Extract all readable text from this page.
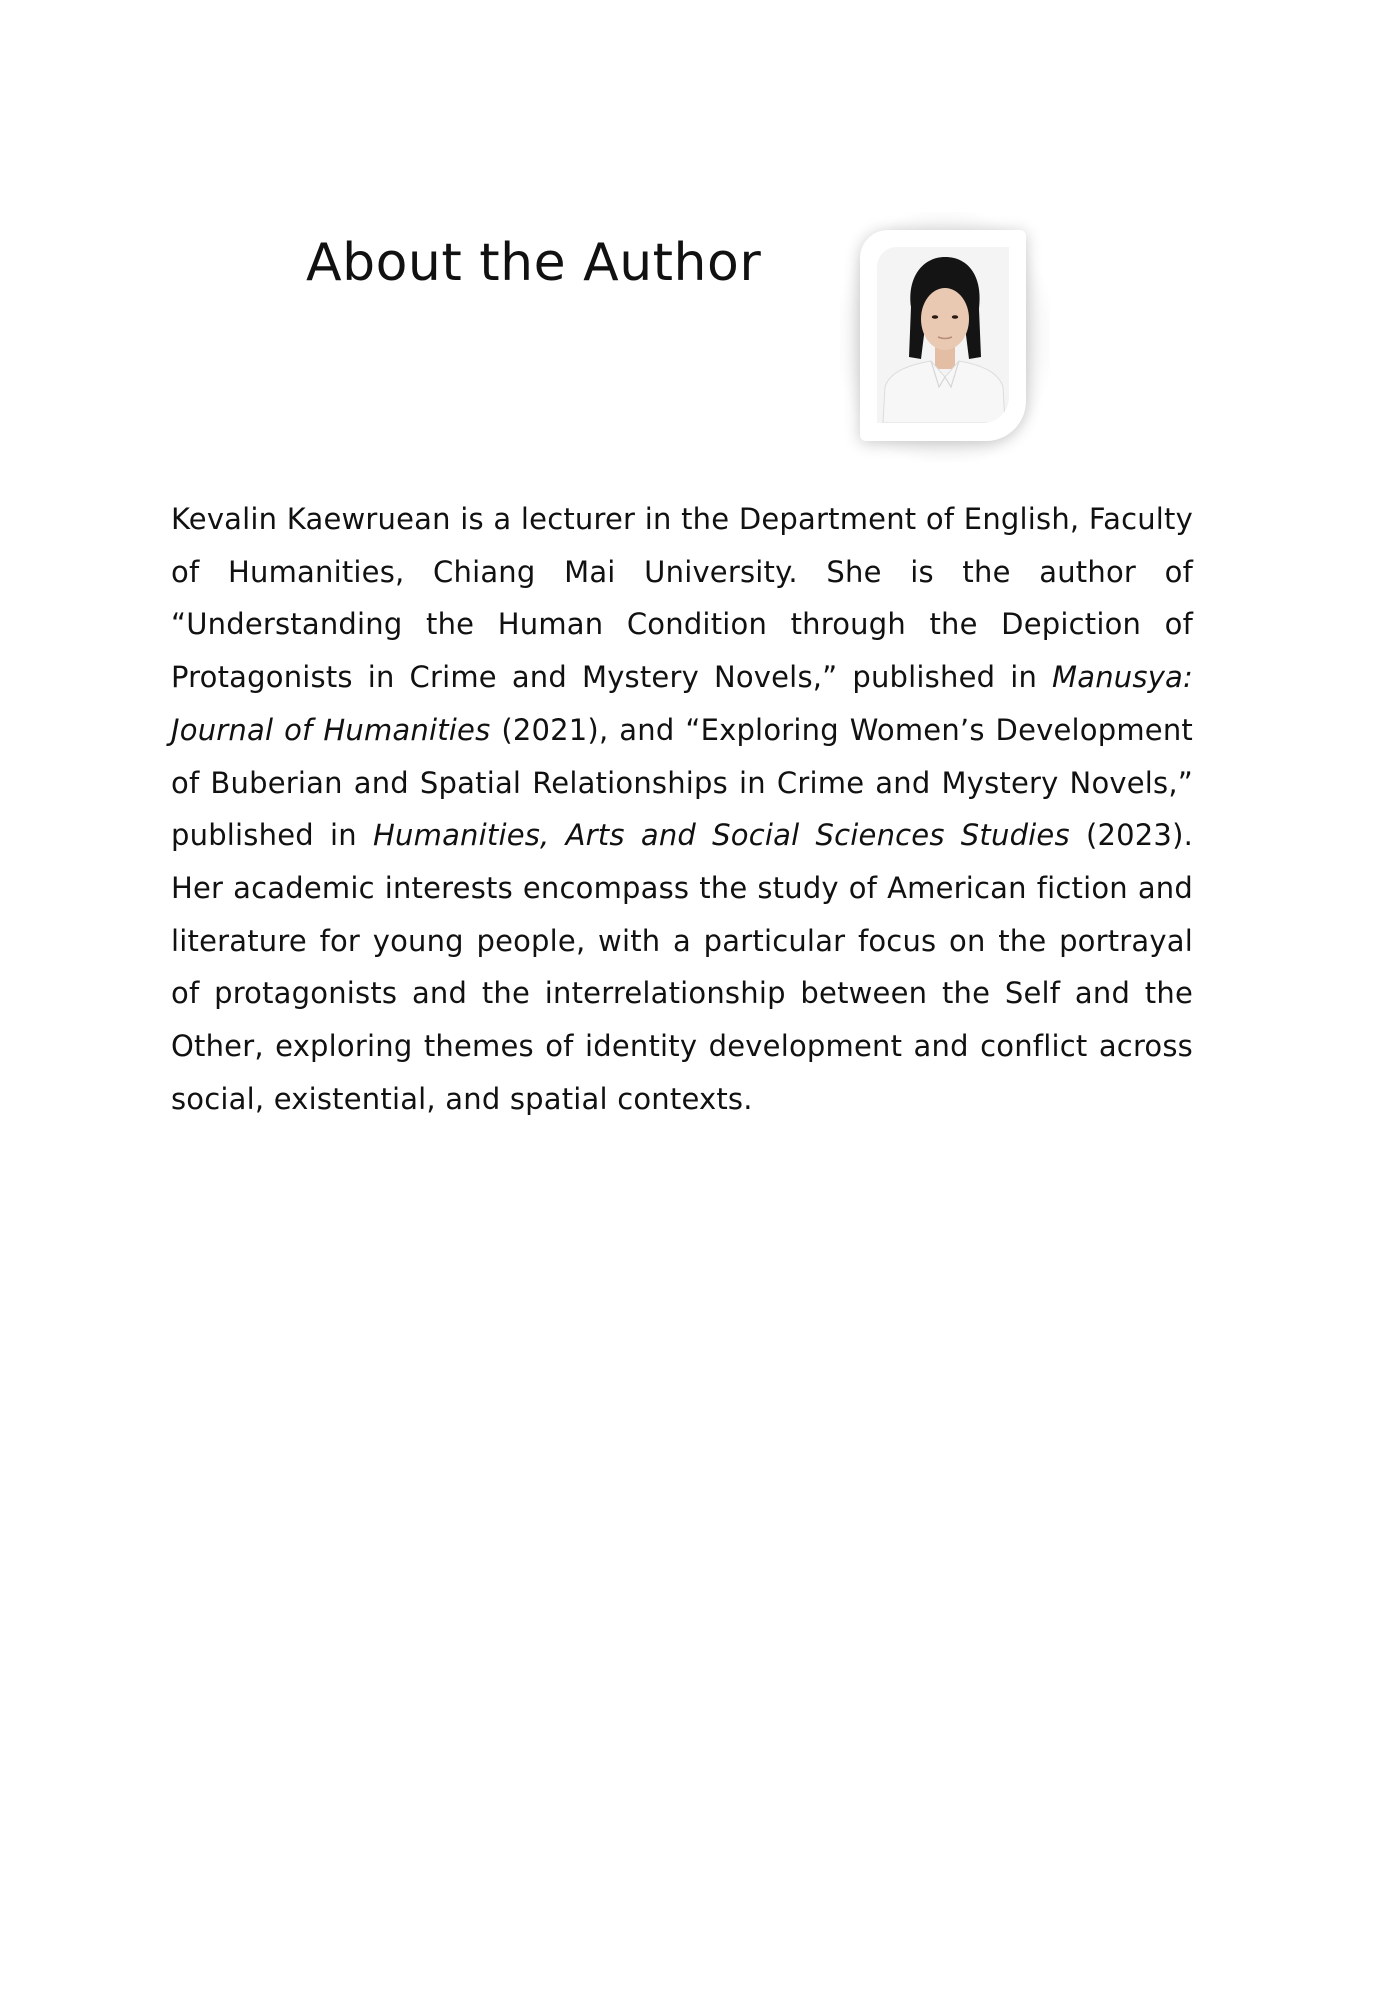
About the Author

Kevalin Kaewruean is a lecturer in the Department of English, Faculty of Humanities, Chiang Mai University. She is the author of “Understanding the Human Condition through the Depiction of Protagonists in Crime and Mystery Novels,” published in Manusya: Journal of Humanities (2021), and “Exploring Women’s Development of Buberian and Spatial Relationships in Crime and Mystery Novels,” published in Humanities, Arts and Social Sciences Studies (2023). Her academic interests encompass the study of American fiction and literature for young people, with a particular focus on the portrayal of protagonists and the interrelationship between the Self and the Other, exploring themes of identity development and conflict across social, existential, and spatial contexts.
